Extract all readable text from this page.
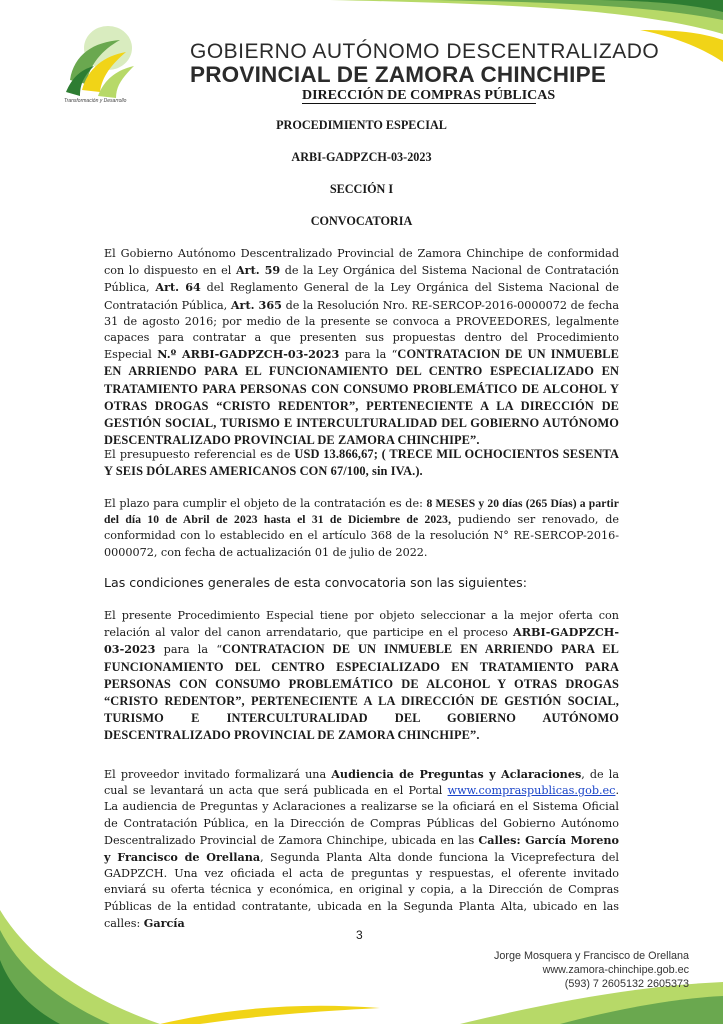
Transformación y Desarrollo
GOBIERNO AUTÓNOMO DESCENTRALIZADO
PROVINCIAL DE ZAMORA CHINCHIPE
DIRECCIÓN DE COMPRAS PÚBLICAS
PROCEDIMIENTO ESPECIAL
ARBI-GADPZCH-03-2023
SECCIÓN I
CONVOCATORIA
El Gobierno Autónomo Descentralizado Provincial de Zamora Chinchipe de conformidad con lo dispuesto en el Art. 59 de la Ley Orgánica del Sistema Nacional de Contratación Pública, Art. 64 del Reglamento General de la Ley Orgánica del Sistema Nacional de Contratación Pública, Art. 365 de la Resolución Nro. RE-SERCOP-2016-0000072 de fecha 31 de agosto 2016; por medio de la presente se convoca a PROVEEDORES, legalmente capaces para contratar a que presenten sus propuestas dentro del Procedimiento Especial N.º ARBI-GADPZCH-03-2023 para la “CONTRATACION DE UN INMUEBLE EN ARRIENDO PARA EL FUNCIONAMIENTO DEL CENTRO ESPECIALIZADO EN TRATAMIENTO PARA PERSONAS CON CONSUMO PROBLEMÁTICO DE ALCOHOL Y OTRAS DROGAS “CRISTO REDENTOR”, PERTENECIENTE A LA DIRECCIÓN DE GESTIÓN SOCIAL, TURISMO E INTERCULTURALIDAD DEL GOBIERNO AUTÓNOMO DESCENTRALIZADO PROVINCIAL DE ZAMORA CHINCHIPE”.
El presupuesto referencial es de USD 13.866,67; ( TRECE MIL OCHOCIENTOS SESENTA Y SEIS DÓLARES AMERICANOS CON 67/100, sin IVA.).
El plazo para cumplir el objeto de la contratación es de: 8 MESES y 20 días (265 Días) a partir del día 10 de Abril de 2023 hasta el 31 de Diciembre de 2023, pudiendo ser renovado, de conformidad con lo establecido en el artículo 368 de la resolución N° RE-SERCOP-2016-0000072, con fecha de actualización 01 de julio de 2022.
Las condiciones generales de esta convocatoria son las siguientes:
El presente Procedimiento Especial tiene por objeto seleccionar a la mejor oferta con relación al valor del canon arrendatario, que participe en el proceso ARBI-GADPZCH-03-2023 para la “CONTRATACION DE UN INMUEBLE EN ARRIENDO PARA EL FUNCIONAMIENTO DEL CENTRO ESPECIALIZADO EN TRATAMIENTO PARA PERSONAS CON CONSUMO PROBLEMÁTICO DE ALCOHOL Y OTRAS DROGAS “CRISTO REDENTOR”, PERTENECIENTE A LA DIRECCIÓN DE GESTIÓN SOCIAL, TURISMO E INTERCULTURALIDAD DEL GOBIERNO AUTÓNOMO DESCENTRALIZADO PROVINCIAL DE ZAMORA CHINCHIPE”.
El proveedor invitado formalizará una Audiencia de Preguntas y Aclaraciones, de la cual se levantará un acta que será publicada en el Portal www.compraspublicas.gob.ec. La audiencia de Preguntas y Aclaraciones a realizarse se la oficiará en el Sistema Oficial de Contratación Pública, en la Dirección de Compras Públicas del Gobierno Autónomo Descentralizado Provincial de Zamora Chinchipe, ubicada en las Calles: García Moreno y Francisco de Orellana, Segunda Planta Alta donde funciona la Viceprefectura del GADPZCH. Una vez oficiada el acta de preguntas y respuestas, el oferente invitado enviará su oferta técnica y económica, en original y copia, a la Dirección de Compras Públicas de la entidad contratante, ubicada en la Segunda Planta Alta, ubicado en las calles: García
3
Jorge Mosquera y Francisco de Orellana
www.zamora-chinchipe.gob.ec
(593) 7 2605132 2605373
